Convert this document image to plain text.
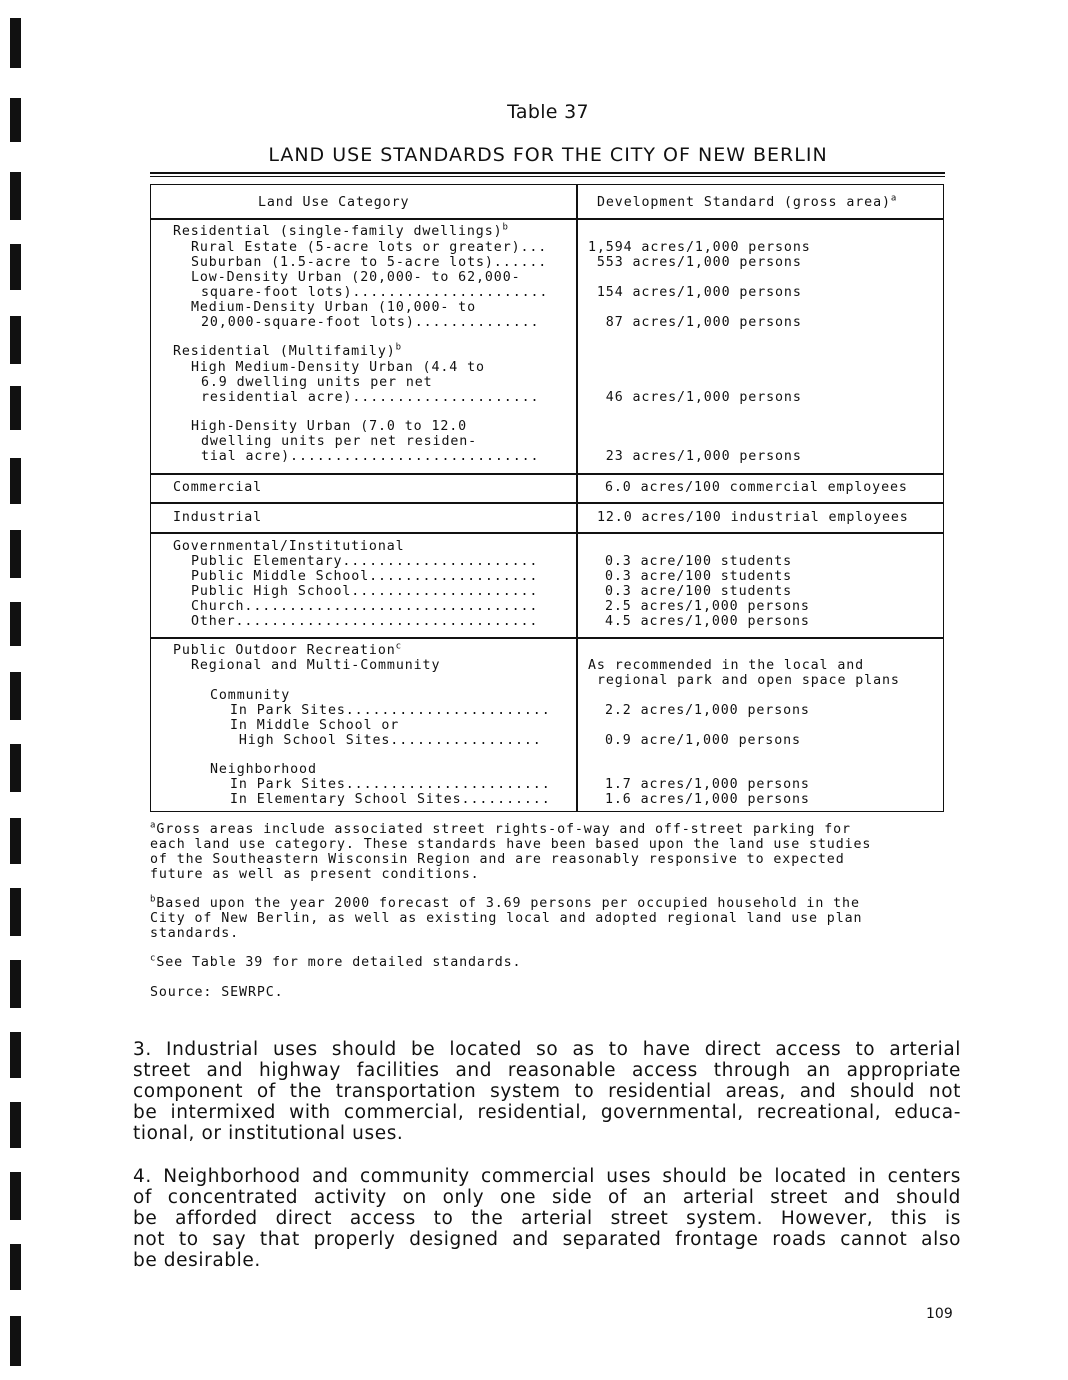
Table 37
LAND USE STANDARDS FOR THE CITY OF NEW BERLIN
Land Use Category	Development Standard (gross area)$^a$
Residential (single-family dwellings)$^b$
Rural Estate (5-acre lots or greater)...	1,594 acres/1,000 persons
Suburban (1.5-acre to 5-acre lots)......	553 acres/1,000 persons
Low-Density Urban (20,000- to 62,000-
square-foot lots)......................	154 acres/1,000 persons
Medium-Density Urban (10,000- to
20,000-square-foot lots)..............	87 acres/1,000 persons
Residential (Multifamily)$^b$
High Medium-Density Urban (4.4 to
6.9 dwelling units per net
residential acre).....................	46 acres/1,000 persons
High-Density Urban (7.0 to 12.0
dwelling units per net residen-
tial acre)............................	23 acres/1,000 persons
Commercial	6.0 acres/100 commercial employees
Industrial	12.0 acres/100 industrial employees
Governmental/Institutional
Public Elementary......................	0.3 acre/100 students
Public Middle School...................	0.3 acre/100 students
Public High School.....................	0.3 acre/100 students
Church.................................	2.5 acres/1,000 persons
Other..................................	4.5 acres/1,000 persons
Public Outdoor Recreation$^c$
Regional and Multi-Community	As recommended in the local and
regional park and open space plans
Community
In Park Sites.......................	2.2 acres/1,000 persons
In Middle School or
High School Sites.................	0.9 acre/1,000 persons
Neighborhood
In Park Sites.......................	1.7 acres/1,000 persons
In Elementary School Sites..........	1.6 acres/1,000 persons
$^a$Gross areas include associated street rights-of-way and off-street parking for
each land use category. These standards have been based upon the land use studies
of the Southeastern Wisconsin Region and are reasonably responsive to expected
future as well as present conditions.
$^b$Based upon the year 2000 forecast of 3.69 persons per occupied household in the
City of New Berlin, as well as existing local and adopted regional land use plan
standards.
$^c$See Table 39 for more detailed standards.
Source: SEWRPC.
3. Industrial uses should be located so as to have direct access to arterial
street and highway facilities and reasonable access through an appropriate
component of the transportation system to residential areas, and should not
be intermixed with commercial, residential, governmental, recreational, educa-
tional, or institutional uses.
4. Neighborhood and community commercial uses should be located in centers
of concentrated activity on only one side of an arterial street and should
be afforded direct access to the arterial street system. However, this is
not to say that properly designed and separated frontage roads cannot also
be desirable.
109
